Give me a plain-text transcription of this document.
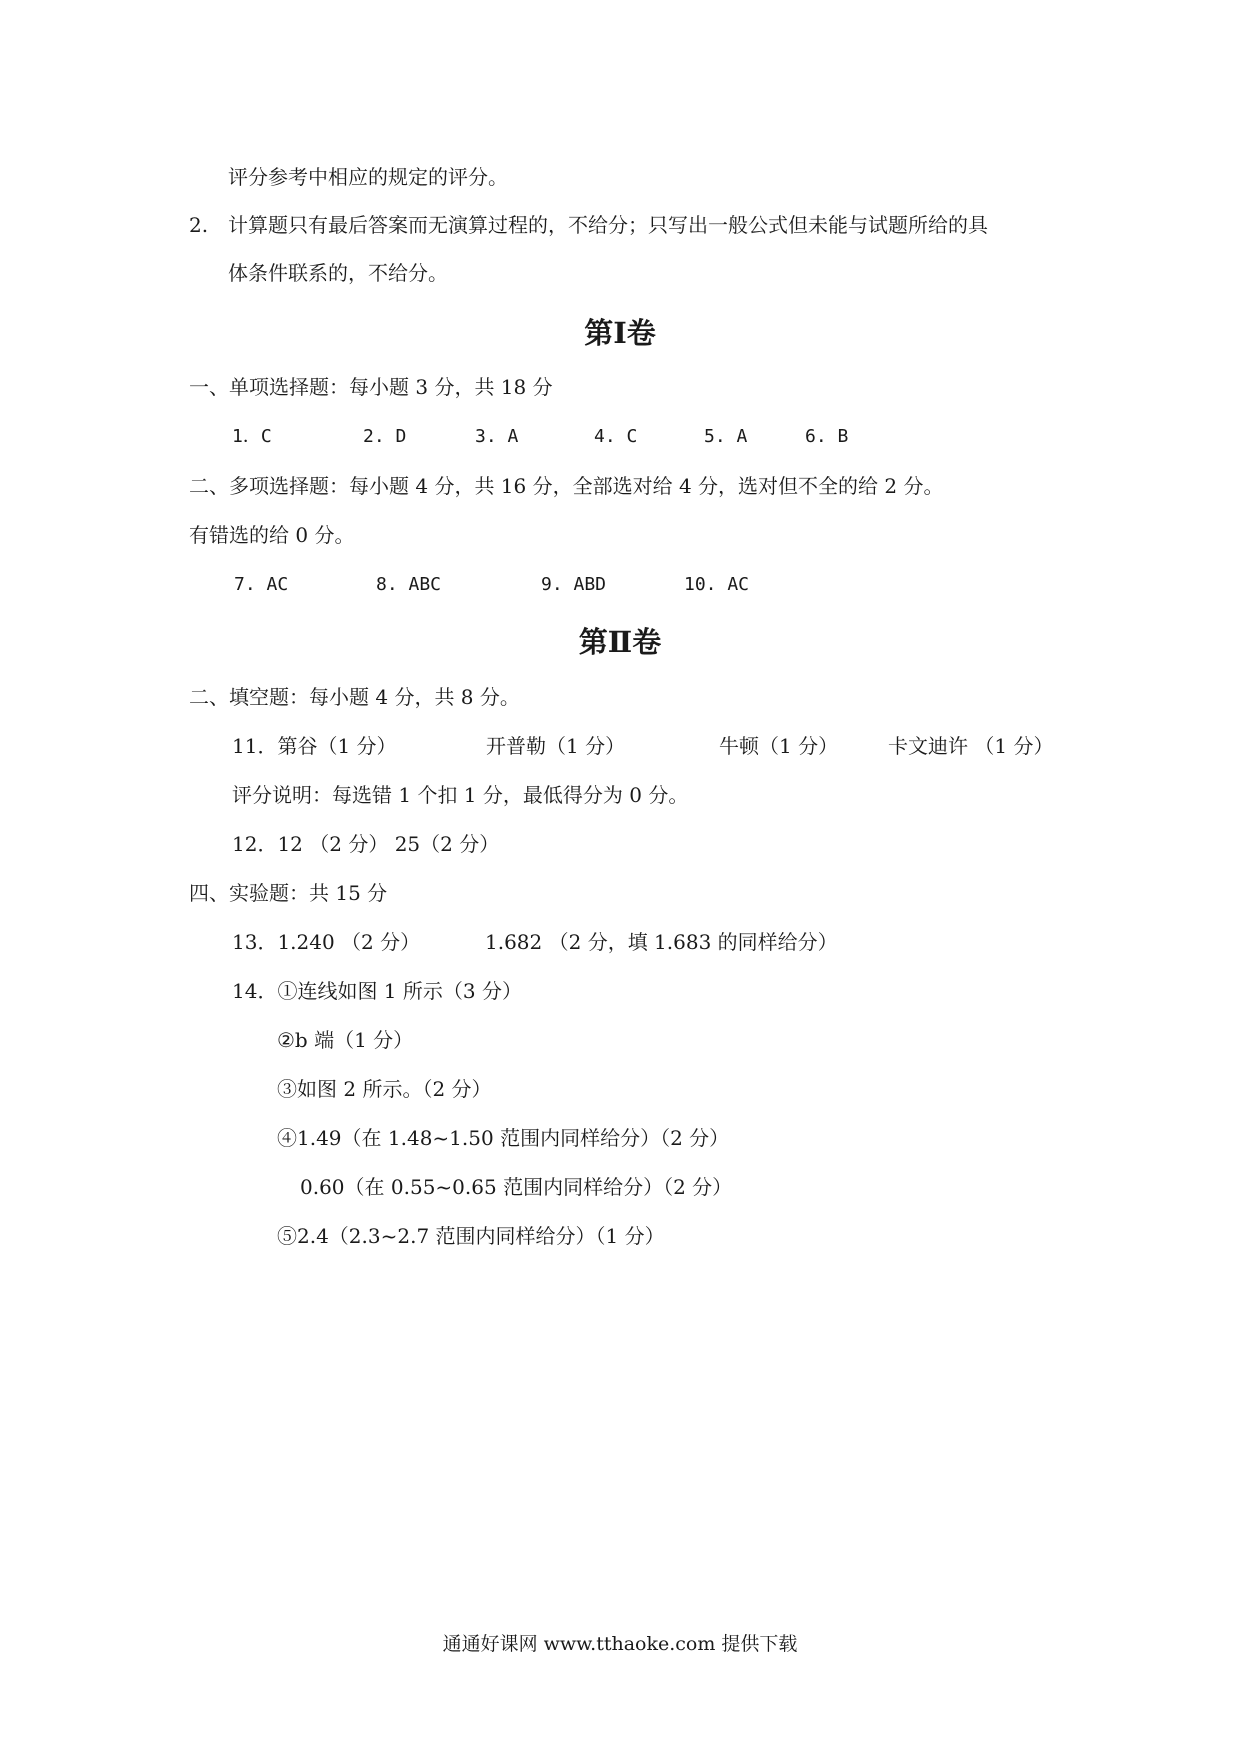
评分参考中相应的规定的评分。
2. 计算题只有最后答案而无演算过程的，不给分；只写出一般公式但未能与试题所给的具
体条件联系的，不给分。
第Ⅰ卷
一、单项选择题：每小题 3 分，共 18 分
1．C	2. D	3. A	4. C	5. A	6. B
二、多项选择题：每小题 4 分，共 16 分，全部选对给 4 分，选对但不全的给 2 分。
有错选的给 0 分。
7. AC	8. ABC	9. ABD	10. AC
第Ⅱ卷
二、填空题：每小题 4 分，共 8 分。
11．第谷（1 分）	开普勒（1 分）	牛顿（1 分） 卡文迪许 （1 分）
评分说明：每选错 1 个扣 1 分，最低得分为 0 分。
12．12 （2 分） 25（2 分）
四、实验题：共 15 分
13．1.240 （2 分）	1.682 （2 分，填 1.683 的同样给分）
14．①连线如图 1 所示（3 分）
②b 端（1 分）
③如图 2 所示。（2 分）
④1.49（在 1.48~1.50 范围内同样给分）（2 分）
0.60（在 0.55~0.65 范围内同样给分）（2 分）
⑤2.4（2.3~2.7 范围内同样给分）（1 分）
通通好课网 www.tthaoke.com 提供下载
